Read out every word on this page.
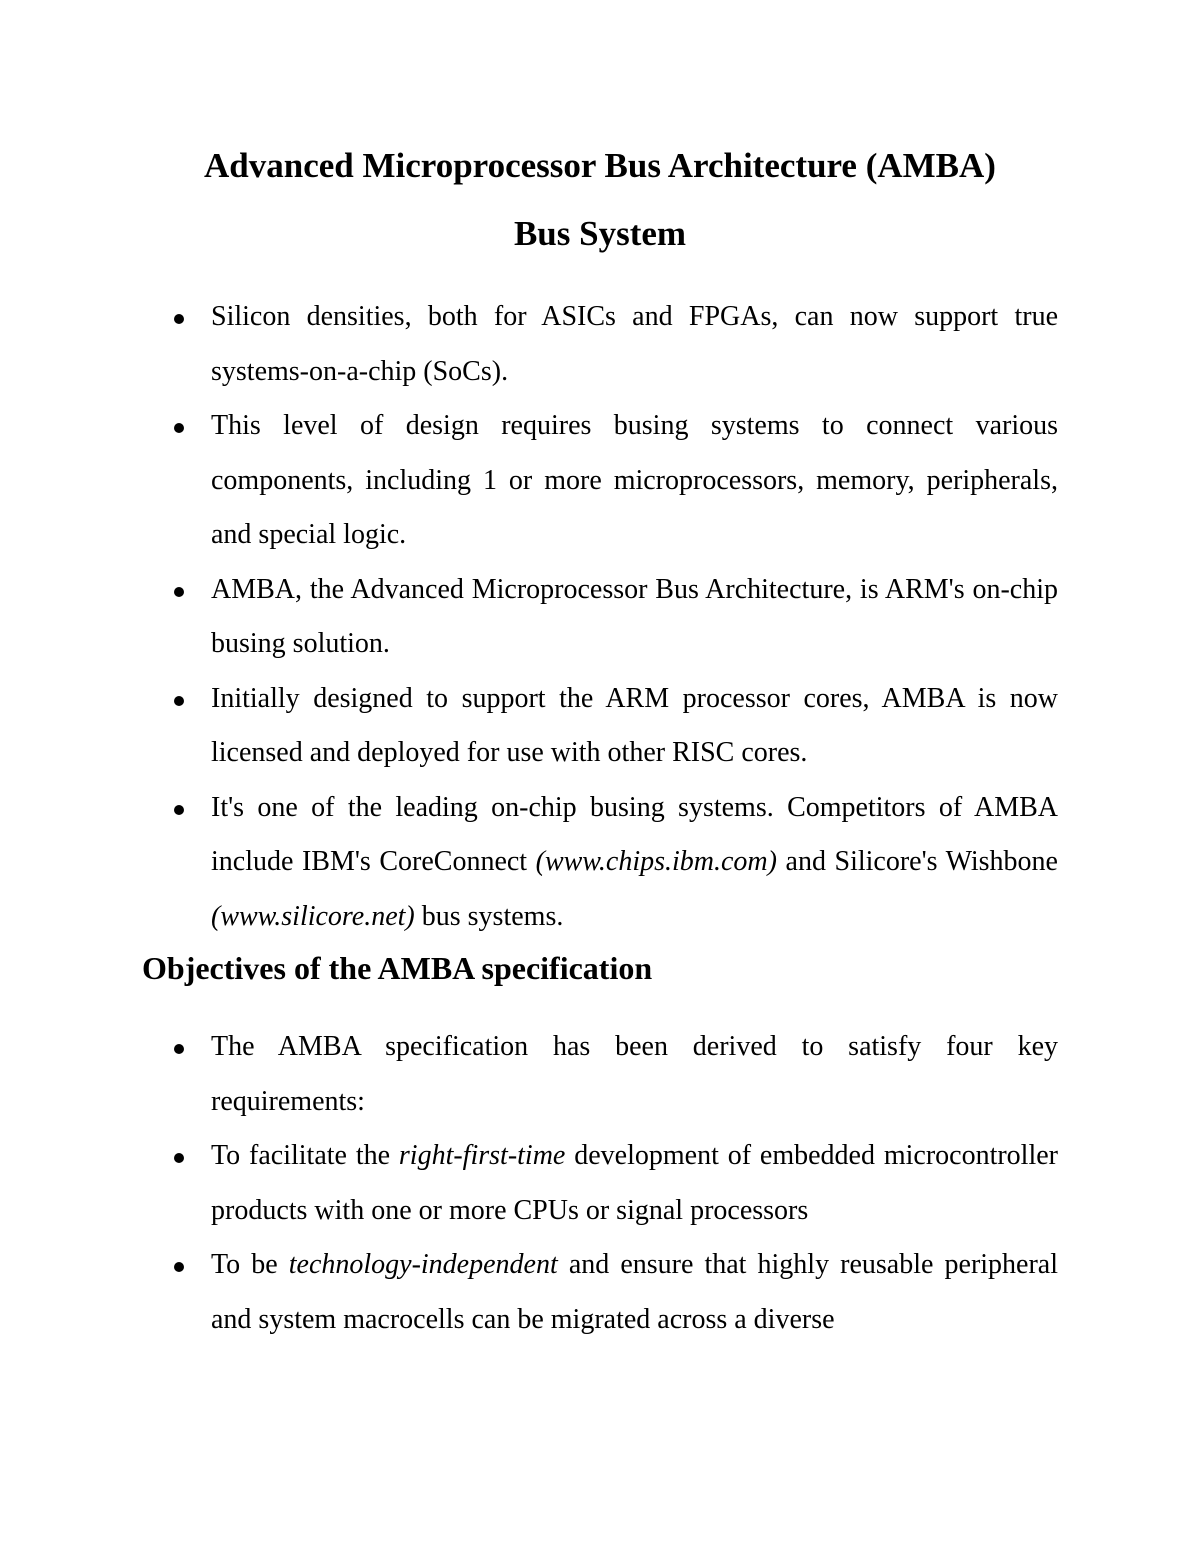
Advanced Microprocessor Bus Architecture (AMBA)
Bus System
Silicon densities, both for ASICs and FPGAs, can now support true systems-on-a-chip (SoCs).
This level of design requires busing systems to connect various components, including 1 or more microprocessors, memory, peripherals, and special logic.
AMBA, the Advanced Microprocessor Bus Architecture, is ARM's on-chip busing solution.
Initially designed to support the ARM processor cores, AMBA is now licensed and deployed for use with other RISC cores.
It's one of the leading on-chip busing systems. Competitors of AMBA include IBM's CoreConnect (www.chips.ibm.com) and Silicore's Wishbone (www.silicore.net) bus systems.
Objectives of the AMBA specification
The AMBA specification has been derived to satisfy four key requirements:
To facilitate the right-first-time development of embedded microcontroller products with one or more CPUs or signal processors
To be technology-independent and ensure that highly reusable peripheral and system macrocells can be migrated across a diverse
